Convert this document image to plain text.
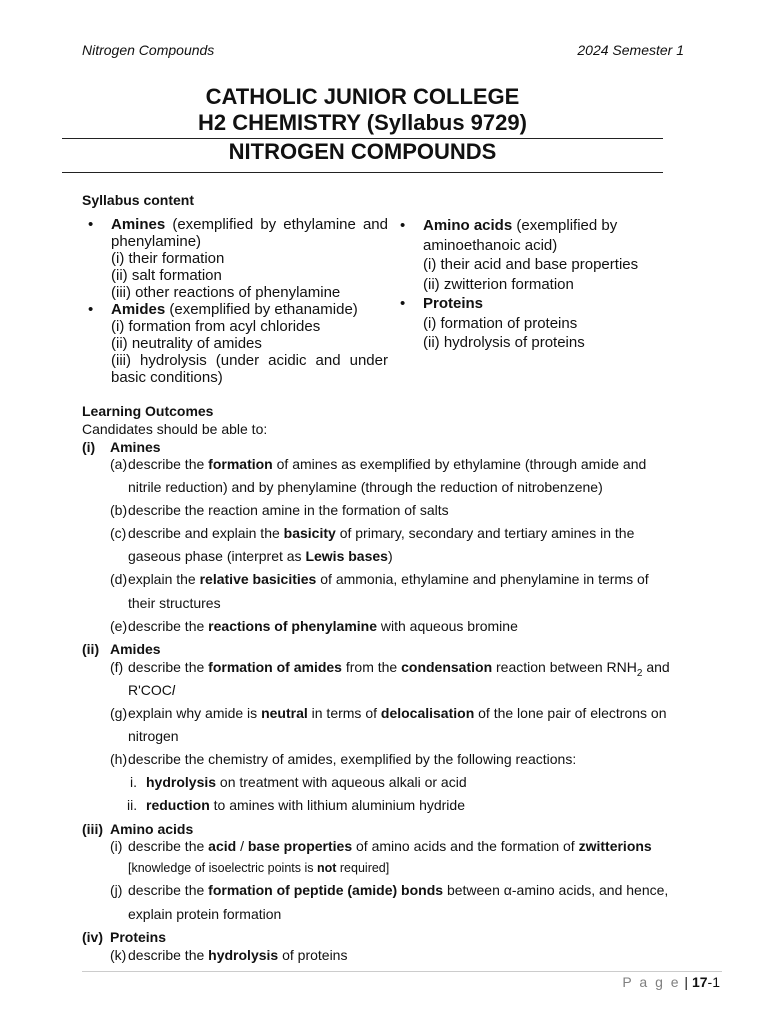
Nitrogen Compounds	2024 Semester 1
CATHOLIC JUNIOR COLLEGE
H2 CHEMISTRY (Syllabus 9729)
NITROGEN COMPOUNDS
Syllabus content
• Amines (exemplified by ethylamine and phenylamine)
(i) their formation
(ii) salt formation
(iii) other reactions of phenylamine
• Amides (exemplified by ethanamide)
(i) formation from acyl chlorides
(ii) neutrality of amides
(iii) hydrolysis (under acidic and under basic conditions)
• Amino acids (exemplified by aminoethanoic acid)
(i) their acid and base properties
(ii) zwitterion formation
• Proteins
(i) formation of proteins
(ii) hydrolysis of proteins
Learning Outcomes
Candidates should be able to:
(i) Amines
(a)describe the formation of amines as exemplified by ethylamine (through amide and
nitrile reduction) and by phenylamine (through the reduction of nitrobenzene)
(b)describe the reaction amine in the formation of salts
(c) describe and explain the basicity of primary, secondary and tertiary amines in the
gaseous phase (interpret as Lewis bases)
(d)explain the relative basicities of ammonia, ethylamine and phenylamine in terms of
their structures
(e)describe the reactions of phenylamine with aqueous bromine
(ii) Amides
(f) describe the formation of amides from the condensation reaction between $RNH_2$ and
R'COCl
(g)explain why amide is neutral in terms of delocalisation of the lone pair of electrons on
nitrogen
(h)describe the chemistry of amides, exemplified by the following reactions:
i. hydrolysis on treatment with aqueous alkali or acid
ii. reduction to amines with lithium aluminium hydride
(iii) Amino acids
(i) describe the acid / base properties of amino acids and the formation of zwitterions
[knowledge of isoelectric points is not required]
(j) describe the formation of peptide (amide) bonds between α-amino acids, and hence,
explain protein formation
(iv) Proteins
(k) describe the hydrolysis of proteins
P a g e | 17-1
